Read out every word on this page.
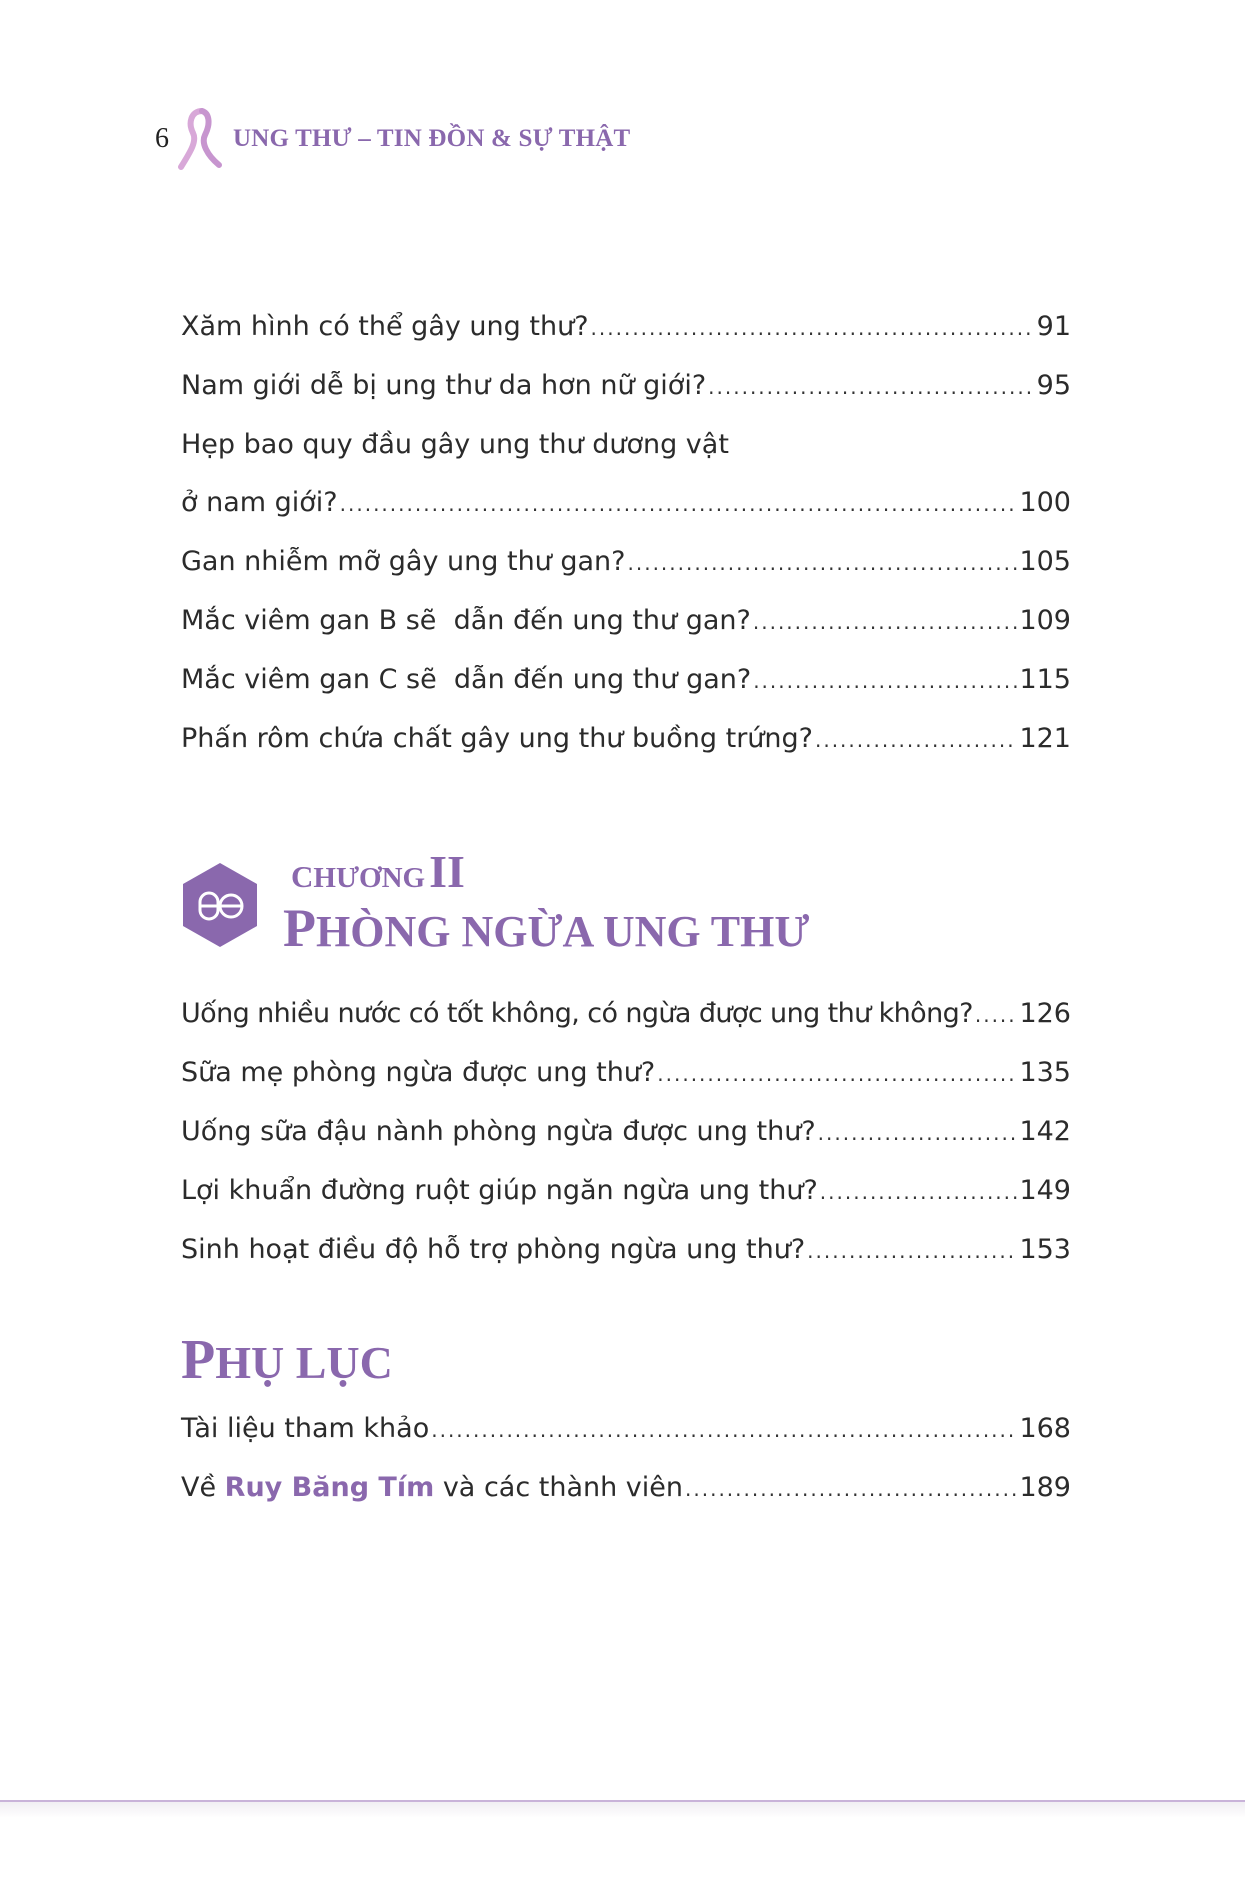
6	UNG THƯ – TIN ĐỒN & SỰ THẬT
Xăm hình có thể gây ung thư? .....	91
Nam giới dễ bị ung thư da hơn nữ giới? .....	95
Hẹp bao quy đầu gây ung thư dương vật
ở nam giới? .....	100
Gan nhiễm mỡ gây ung thư gan? .....	105
Mắc viêm gan B sẽ  dẫn đến ung thư gan? .....	109
Mắc viêm gan C sẽ  dẫn đến ung thư gan? .....	115
Phấn rôm chứa chất gây ung thư buồng trứng? .....	121
CHƯƠNG II
PHÒNG NGỪA UNG THƯ
Uống nhiều nước có tốt không, có ngừa được ung thư không? ..... 126
Sữa mẹ phòng ngừa được ung thư? .....	135
Uống sữa đậu nành phòng ngừa được ung thư? .....	142
Lợi khuẩn đường ruột giúp ngăn ngừa ung thư? .....	149
Sinh hoạt điều độ hỗ trợ phòng ngừa ung thư? .....	153
PHỤ LỤC
Tài liệu tham khảo .....	168
Về Ruy Băng Tím và các thành viên .....	189
